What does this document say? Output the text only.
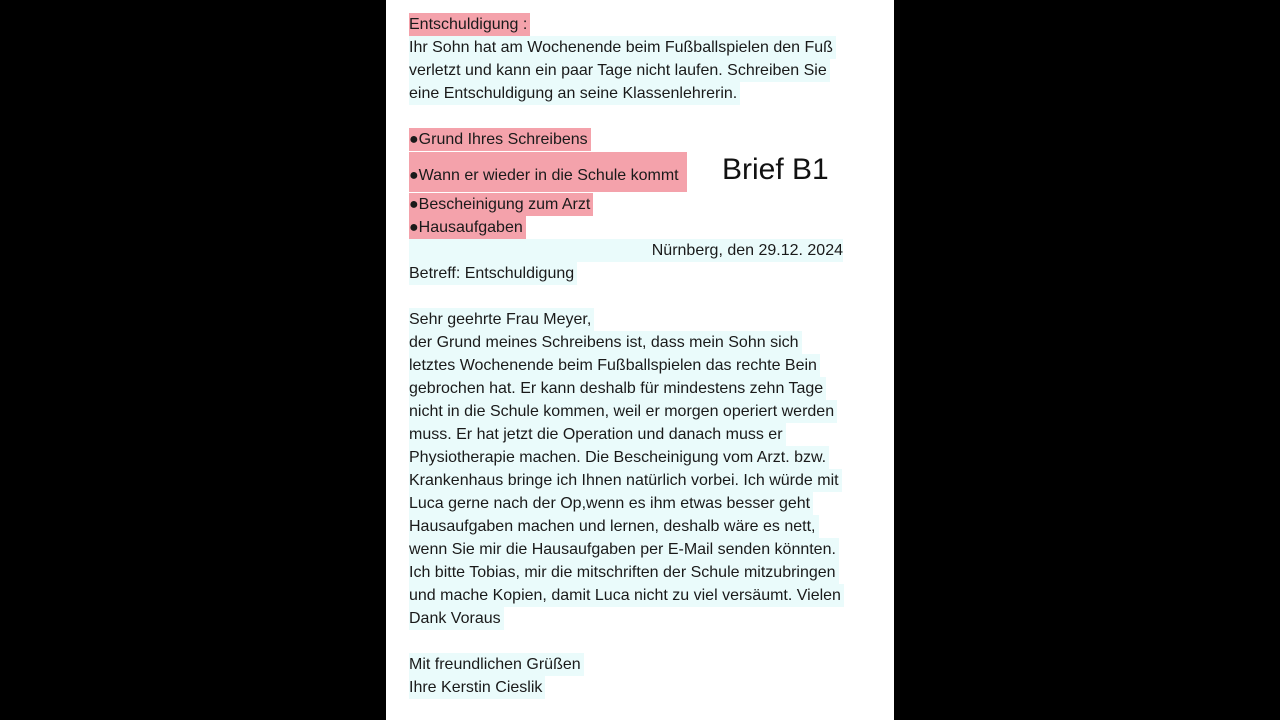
Entschuldigung :
Ihr Sohn hat am Wochenende beim Fußballspielen den Fuß
verletzt und kann ein paar Tage nicht laufen. Schreiben Sie
eine Entschuldigung an seine Klassenlehrerin.
●Grund Ihres Schreibens
●Wann er wieder in die Schule kommt
●Bescheinigung zum Arzt
●Hausaufgaben
Brief B1
Nürnberg, den 29.12. 2024
Betreff: Entschuldigung
Sehr geehrte Frau Meyer,
der Grund meines Schreibens ist, dass mein Sohn sich
letztes Wochenende beim Fußballspielen das rechte Bein
gebrochen hat. Er kann deshalb für mindestens zehn Tage
nicht in die Schule kommen, weil er morgen operiert werden
muss. Er hat jetzt die Operation und danach muss er
Physiotherapie machen. Die Bescheinigung vom Arzt. bzw.
Krankenhaus bringe ich Ihnen natürlich vorbei. Ich würde mit
Luca gerne nach der Op,wenn es ihm etwas besser geht
Hausaufgaben machen und lernen, deshalb wäre es nett,
wenn Sie mir die Hausaufgaben per E-Mail senden könnten.
Ich bitte Tobias, mir die mitschriften der Schule mitzubringen
und mache Kopien, damit Luca nicht zu viel versäumt. Vielen
Dank Voraus
Mit freundlichen Grüßen
Ihre Kerstin Cieslik
